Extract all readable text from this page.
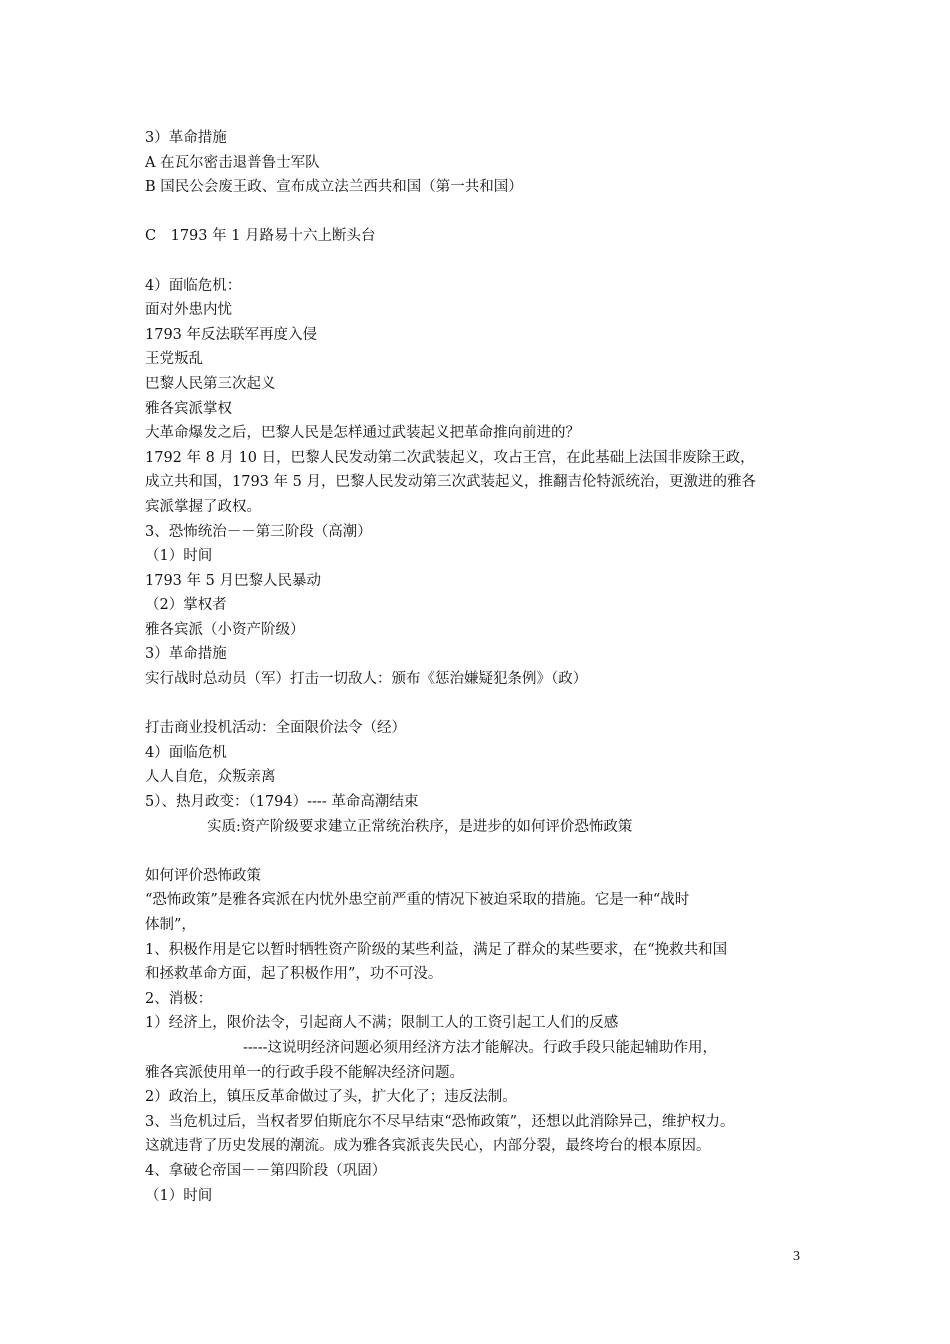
3）革命措施
A 在瓦尔密击退普鲁士军队
B 国民公会废王政、宣布成立法兰西共和国（第一共和国）
C　1793 年 1 月路易十六上断头台
4）面临危机：
面对外患内忧
1793 年反法联军再度入侵
王党叛乱
巴黎人民第三次起义
雅各宾派掌权
大革命爆发之后，巴黎人民是怎样通过武装起义把革命推向前进的？
1792 年 8 月 10 日，巴黎人民发动第二次武装起义，攻占王宫，在此基础上法国非废除王政，
成立共和国，1793 年 5 月，巴黎人民发动第三次武装起义，推翻吉伦特派统治，更激进的雅各
宾派掌握了政权。
3、恐怖统治－－第三阶段（高潮）
（1）时间
1793 年 5 月巴黎人民暴动
（2）掌权者
雅各宾派（小资产阶级）
3）革命措施
实行战时总动员（军）打击一切敌人：颁布《惩治嫌疑犯条例》（政）
打击商业投机活动：全面限价法令（经）
4）面临危机
人人自危，众叛亲离
5）、热月政变：（1794）---- 革命高潮结束
实质:资产阶级要求建立正常统治秩序，是进步的如何评价恐怖政策
如何评价恐怖政策
“恐怖政策”是雅各宾派在内忧外患空前严重的情况下被迫采取的措施。它是一种“战时
体制”，
1、积极作用是它以暂时牺牲资产阶级的某些利益，满足了群众的某些要求，在“挽救共和国
和拯救革命方面，起了积极作用”，功不可没。
2、消极：
1）经济上，限价法令，引起商人不满；限制工人的工资引起工人们的反感
-----这说明经济问题必须用经济方法才能解决。行政手段只能起辅助作用，
雅各宾派使用单一的行政手段不能解决经济问题。
2）政治上，镇压反革命做过了头，扩大化了；违反法制。
3、当危机过后，当权者罗伯斯庇尔不尽早结束“恐怖政策”，还想以此消除异己，维护权力。
这就违背了历史发展的潮流。成为雅各宾派丧失民心，内部分裂，最终垮台的根本原因。
4、拿破仑帝国－－第四阶段（巩固）
（1）时间
3
